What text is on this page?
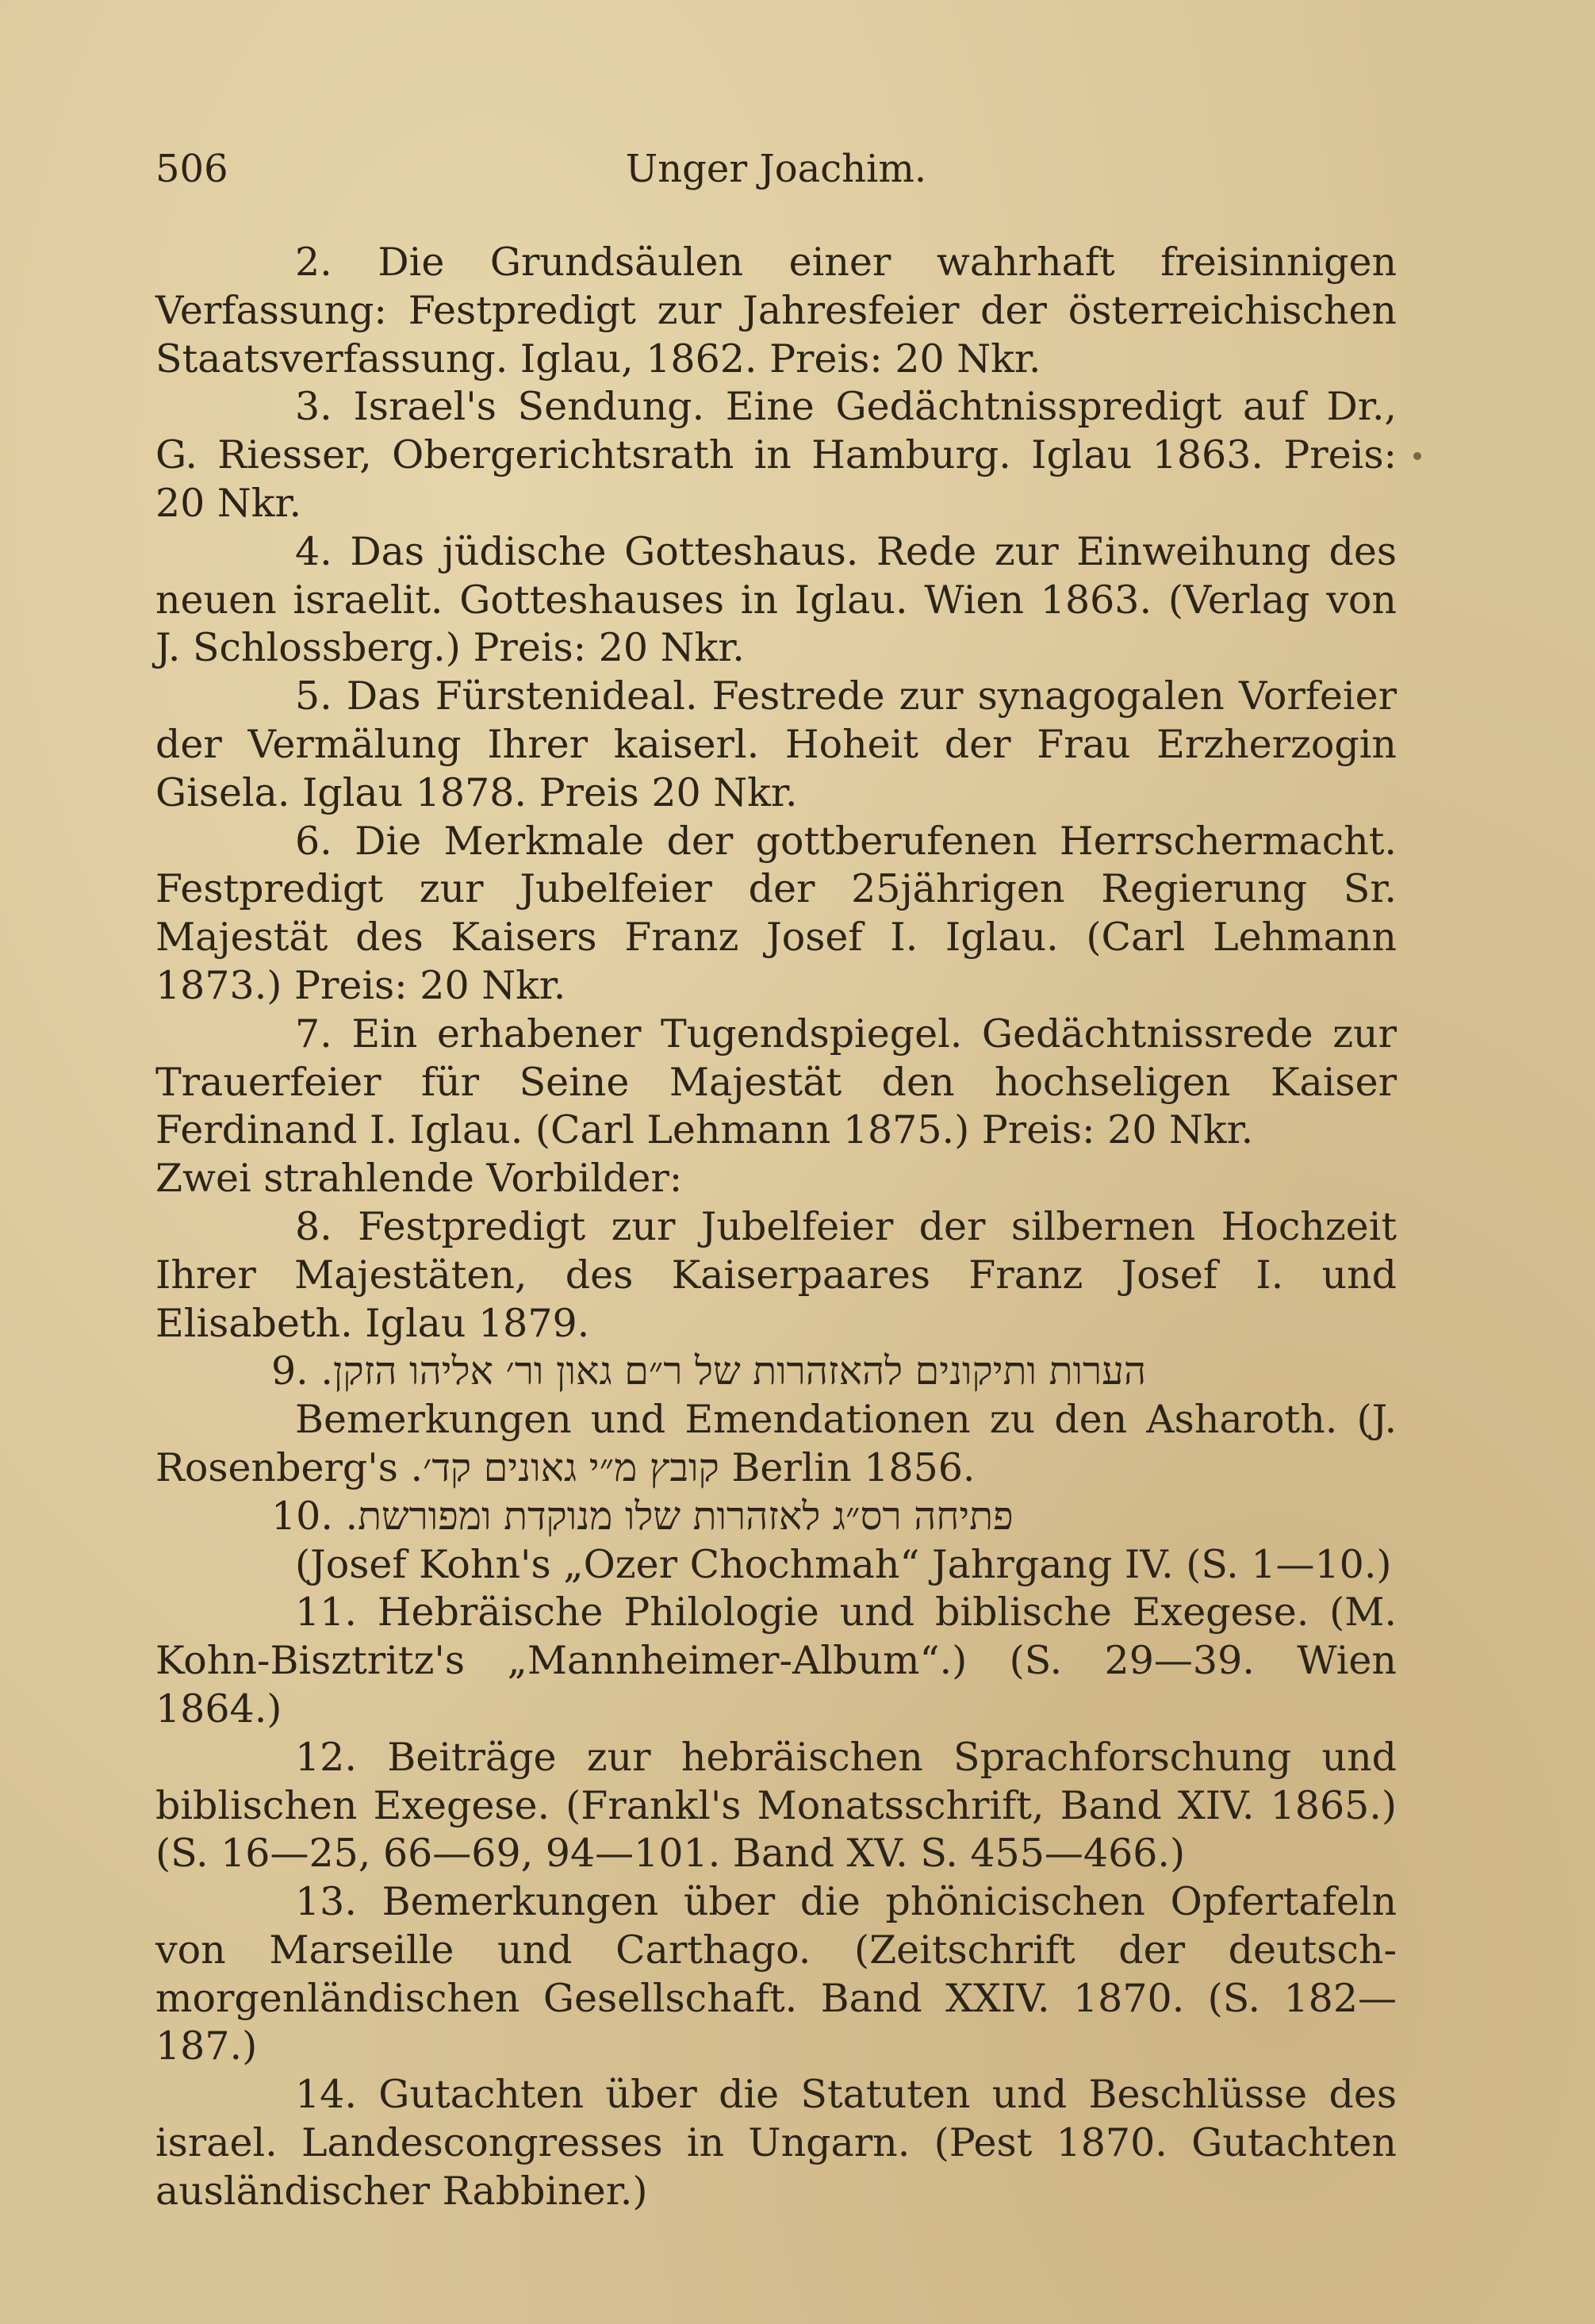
506	Unger Joachim.

2. Die Grundsäulen einer wahrhaft freisinnigen Verfassung: Festpredigt zur Jahresfeier der österreichischen Staatsverfassung. Iglau, 1862. Preis: 20 Nkr.

3. Israel's Sendung. Eine Gedächtnisspredigt auf Dr., G. Riesser, Obergerichtsrath in Hamburg. Iglau 1863. Preis: 20 Nkr.

4. Das jüdische Gotteshaus. Rede zur Einweihung des neuen israelit. Gotteshauses in Iglau. Wien 1863. (Verlag von J. Schlossberg.) Preis: 20 Nkr.

5. Das Fürstenideal. Festrede zur synagogalen Vorfeier der Vermälung Ihrer kaiserl. Hoheit der Frau Erzherzogin Gisela. Iglau 1878. Preis 20 Nkr.

6. Die Merkmale der gottberufenen Herrschermacht. Festpredigt zur Jubelfeier der 25jährigen Regierung Sr. Majestät des Kaisers Franz Josef I. Iglau. (Carl Lehmann 1873.) Preis: 20 Nkr.

7. Ein erhabener Tugendspiegel. Gedächtnissrede zur Trauerfeier für Seine Majestät den hochseligen Kaiser Ferdinand I. Iglau. (Carl Lehmann 1875.) Preis: 20 Nkr.

Zwei strahlende Vorbilder:

8. Festpredigt zur Jubelfeier der silbernen Hochzeit Ihrer Majestäten, des Kaiserpaares Franz Josef I. und Elisabeth. Iglau 1879.

9. הערות ותיקונים להאזהרות של ר״ם גאון ור׳ אליהו הזקן.

Bemerkungen und Emendationen zu den Asharoth. (J. Rosenberg's קובץ מ״י גאונים קד׳. Berlin 1856.

10. פתיחה רס״ג לאזהרות שלו מנוקדת ומפורשת.

(Josef Kohn's „Ozer Chochmah“ Jahrgang IV. (S. 1—10.)

11. Hebräische Philologie und biblische Exegese. (M. Kohn-Bisztritz's „Mannheimer-Album“.) (S. 29—39. Wien 1864.)

12. Beiträge zur hebräischen Sprachforschung und biblischen Exegese. (Frankl's Monatsschrift, Band XIV. 1865.) (S. 16—25, 66—69, 94—101. Band XV. S. 455—466.)

13. Bemerkungen über die phönicischen Opfertafeln von Marseille und Carthago. (Zeitschrift der deutsch-morgenländischen Gesellschaft. Band XXIV. 1870. (S. 182—187.)

14. Gutachten über die Statuten und Beschlüsse des israel. Landescongresses in Ungarn. (Pest 1870. Gutachten ausländischer Rabbiner.)
